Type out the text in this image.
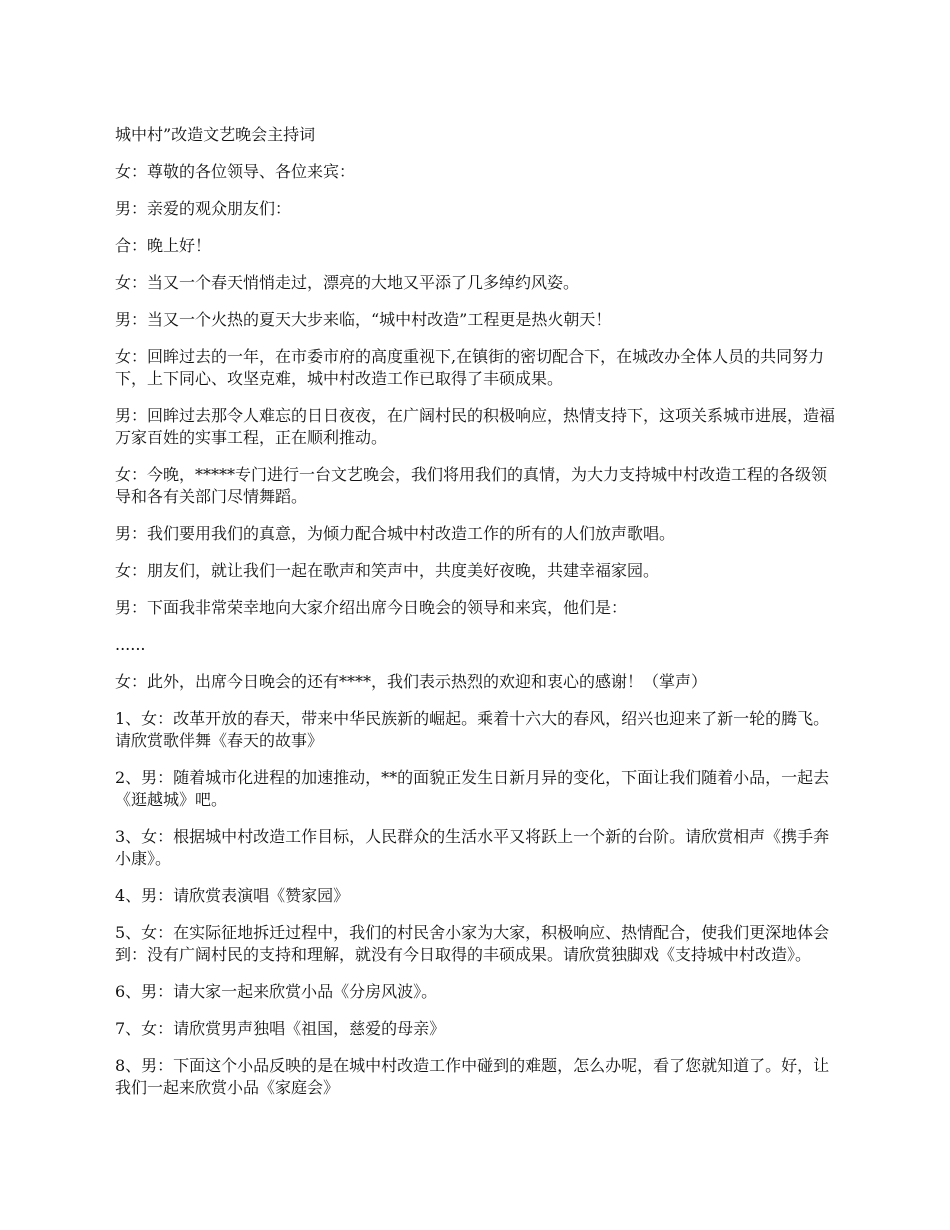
城中村”改造文艺晚会主持词

女：尊敬的各位领导、各位来宾：

男：亲爱的观众朋友们：

合：晚上好！

女：当又一个春天悄悄走过，漂亮的大地又平添了几多绰约风姿。

男：当又一个火热的夏天大步来临，“城中村改造”工程更是热火朝天！

女：回眸过去的一年，在市委市府的高度重视下,在镇街的密切配合下，在城改办全体人员的共同努力下，上下同心、攻坚克难，城中村改造工作已取得了丰硕成果。

男：回眸过去那令人难忘的日日夜夜，在广阔村民的积极响应，热情支持下，这项关系城市进展，造福万家百姓的实事工程，正在顺利推动。

女：今晚，*****专门进行一台文艺晚会，我们将用我们的真情，为大力支持城中村改造工程的各级领导和各有关部门尽情舞蹈。

男：我们要用我们的真意，为倾力配合城中村改造工作的所有的人们放声歌唱。

女：朋友们，就让我们一起在歌声和笑声中，共度美好夜晚，共建幸福家园。

男：下面我非常荣幸地向大家介绍出席今日晚会的领导和来宾，他们是：

......

女：此外，出席今日晚会的还有****，我们表示热烈的欢迎和衷心的感谢！（掌声）

1、女：改革开放的春天，带来中华民族新的崛起。乘着十六大的春风，绍兴也迎来了新一轮的腾飞。请欣赏歌伴舞《春天的故事》

2、男：随着城市化进程的加速推动，**的面貌正发生日新月异的变化，下面让我们随着小品，一起去《逛越城》吧。

3、女：根据城中村改造工作目标，人民群众的生活水平又将跃上一个新的台阶。请欣赏相声《携手奔小康》。

4、男：请欣赏表演唱《赞家园》

5、女：在实际征地拆迁过程中，我们的村民舍小家为大家，积极响应、热情配合，使我们更深地体会到：没有广阔村民的支持和理解，就没有今日取得的丰硕成果。请欣赏独脚戏《支持城中村改造》。

6、男：请大家一起来欣赏小品《分房风波》。

7、女：请欣赏男声独唱《祖国，慈爱的母亲》

8、男：下面这个小品反映的是在城中村改造工作中碰到的难题，怎么办呢，看了您就知道了。好，让我们一起来欣赏小品《家庭会》
